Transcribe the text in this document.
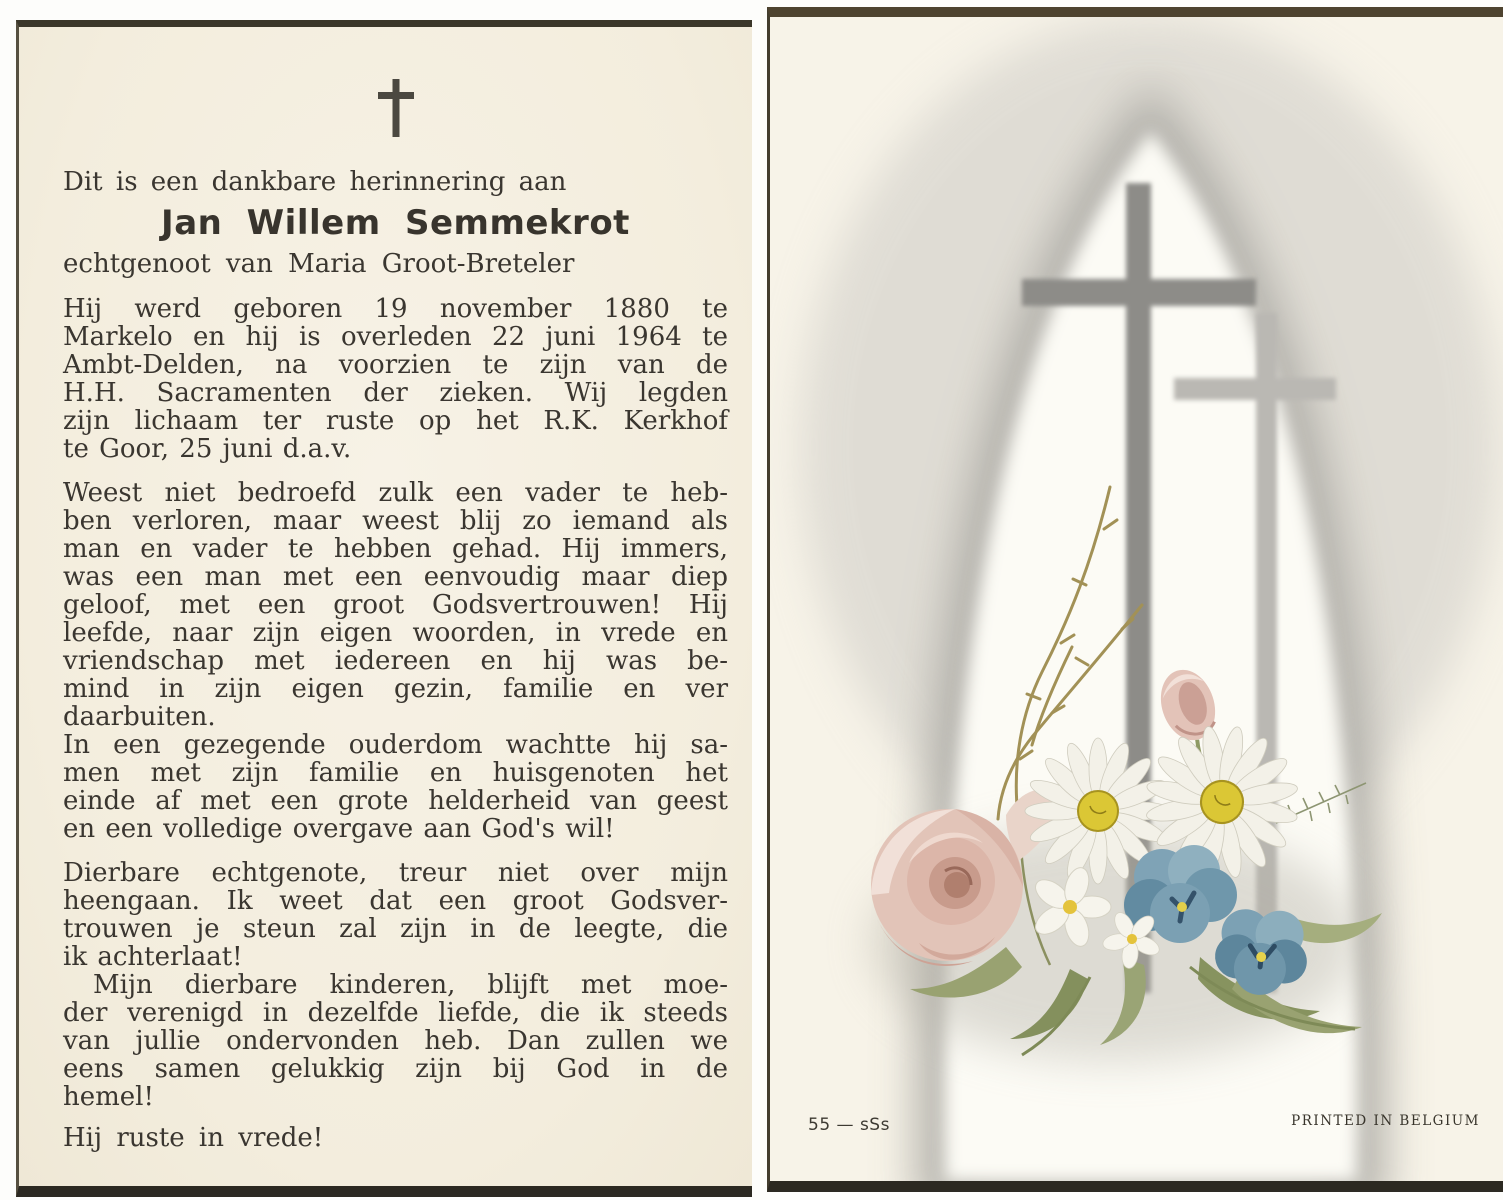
Dit is een dankbare herinnering aan
Jan Willem Semmekrot
echtgenoot van Maria Groot-Breteler
Hij werd geboren 19 november 1880 te
Markelo en hij is overleden 22 juni 1964 te
Ambt-Delden, na voorzien te zijn van de
H.H. Sacramenten der zieken. Wij legden
zijn lichaam ter ruste op het R.K. Kerkhof
te Goor, 25 juni d.a.v.
Weest niet bedroefd zulk een vader te heb-
ben verloren, maar weest blij zo iemand als
man en vader te hebben gehad. Hij immers,
was een man met een eenvoudig maar diep
geloof, met een groot Godsvertrouwen! Hij
leefde, naar zijn eigen woorden, in vrede en
vriendschap met iedereen en hij was be-
mind in zijn eigen gezin, familie en ver
daarbuiten.
In een gezegende ouderdom wachtte hij sa-
men met zijn familie en huisgenoten het
einde af met een grote helderheid van geest
en een volledige overgave aan God's wil!
Dierbare echtgenote, treur niet over mijn
heengaan. Ik weet dat een groot Godsver-
trouwen je steun zal zijn in de leegte, die
ik achterlaat!
Mijn dierbare kinderen, blijft met moe-
der verenigd in dezelfde liefde, die ik steeds
van jullie ondervonden heb. Dan zullen we
eens samen gelukkig zijn bij God in de
hemel!
Hij ruste in vrede!	55 — sSs	PRINTED IN BELGIUM
